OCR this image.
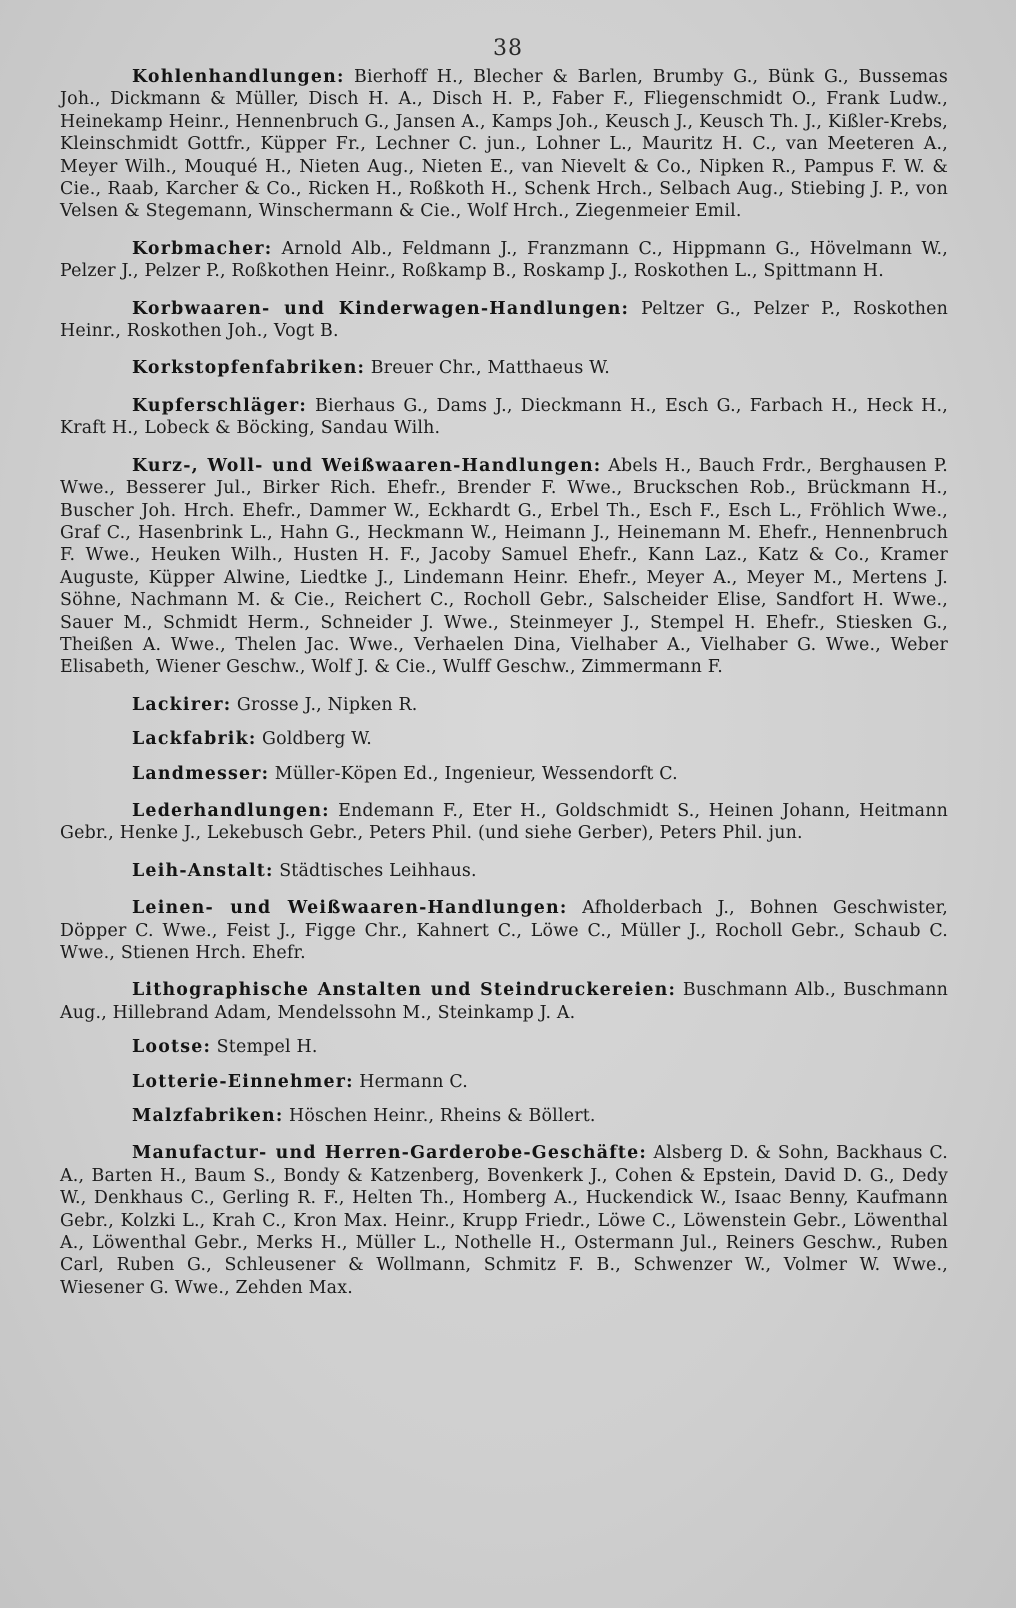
38

Kohlenhandlungen: Bierhoff H., Blecher & Barlen, Brumby G., Bünk G., Bussemas Joh., Dickmann & Müller, Disch H. A., Disch H. P., Faber F., Fliegenschmidt O., Frank Ludw., Heinekamp Heinr., Hennenbruch G., Jansen A., Kamps Joh., Keusch J., Keusch Th. J., Kißler-Krebs, Kleinschmidt Gottfr., Küpper Fr., Lechner C. jun., Lohner L., Mauritz H. C., van Meeteren A., Meyer Wilh., Mouqué H., Nieten Aug., Nieten E., van Nievelt & Co., Nipken R., Pampus F. W. & Cie., Raab, Karcher & Co., Ricken H., Roßkoth H., Schenk Hrch., Selbach Aug., Stiebing J. P., von Velsen & Stegemann, Winschermann & Cie., Wolf Hrch., Ziegenmeier Emil.

Korbmacher: Arnold Alb., Feldmann J., Franzmann C., Hippmann G., Hövelmann W., Pelzer J., Pelzer P., Roßkothen Heinr., Roßkamp B., Roskamp J., Roskothen L., Spittmann H.

Korbwaaren- und Kinderwagen-Handlungen: Peltzer G., Pelzer P., Roskothen Heinr., Roskothen Joh., Vogt B.

Korkstopfenfabriken: Breuer Chr., Matthaeus W.

Kupferschläger: Bierhaus G., Dams J., Dieckmann H., Esch G., Farbach H., Heck H., Kraft H., Lobeck & Böcking, Sandau Wilh.

Kurz-, Woll- und Weißwaaren-Handlungen: Abels H., Bauch Frdr., Berghausen P. Wwe., Besserer Jul., Birker Rich. Ehefr., Brender F. Wwe., Bruckschen Rob., Brückmann H., Buscher Joh. Hrch. Ehefr., Dammer W., Eckhardt G., Erbel Th., Esch F., Esch L., Fröhlich Wwe., Graf C., Hasenbrink L., Hahn G., Heckmann W., Heimann J., Heinemann M. Ehefr., Hennenbruch F. Wwe., Heuken Wilh., Husten H. F., Jacoby Samuel Ehefr., Kann Laz., Katz & Co., Kramer Auguste, Küpper Alwine, Liedtke J., Lindemann Heinr. Ehefr., Meyer A., Meyer M., Mertens J. Söhne, Nachmann M. & Cie., Reichert C., Rocholl Gebr., Salscheider Elise, Sandfort H. Wwe., Sauer M., Schmidt Herm., Schneider J. Wwe., Steinmeyer J., Stempel H. Ehefr., Stiesken G., Theißen A. Wwe., Thelen Jac. Wwe., Verhaelen Dina, Vielhaber A., Vielhaber G. Wwe., Weber Elisabeth, Wiener Geschw., Wolf J. & Cie., Wulff Geschw., Zimmermann F.

Lackirer: Grosse J., Nipken R.

Lackfabrik: Goldberg W.

Landmesser: Müller-Köpen Ed., Ingenieur, Wessendorft C.

Lederhandlungen: Endemann F., Eter H., Goldschmidt S., Heinen Johann, Heitmann Gebr., Henke J., Lekebusch Gebr., Peters Phil. (und siehe Gerber), Peters Phil. jun.

Leih-Anstalt: Städtisches Leihhaus.

Leinen- und Weißwaaren-Handlungen: Afholderbach J., Bohnen Geschwister, Döpper C. Wwe., Feist J., Figge Chr., Kahnert C., Löwe C., Müller J., Rocholl Gebr., Schaub C. Wwe., Stienen Hrch. Ehefr.

Lithographische Anstalten und Steindruckereien: Buschmann Alb., Buschmann Aug., Hillebrand Adam, Mendelssohn M., Steinkamp J. A.

Lootse: Stempel H.

Lotterie-Einnehmer: Hermann C.

Malzfabriken: Höschen Heinr., Rheins & Böllert.

Manufactur- und Herren-Garderobe-Geschäfte: Alsberg D. & Sohn, Backhaus C. A., Barten H., Baum S., Bondy & Katzenberg, Bovenkerk J., Cohen & Epstein, David D. G., Dedy W., Denkhaus C., Gerling R. F., Helten Th., Homberg A., Huckendick W., Isaac Benny, Kaufmann Gebr., Kolzki L., Krah C., Kron Max. Heinr., Krupp Friedr., Löwe C., Löwenstein Gebr., Löwenthal A., Löwenthal Gebr., Merks H., Müller L., Nothelle H., Ostermann Jul., Reiners Geschw., Ruben Carl, Ruben G., Schleusener & Wollmann, Schmitz F. B., Schwenzer W., Volmer W. Wwe., Wiesener G. Wwe., Zehden Max.
